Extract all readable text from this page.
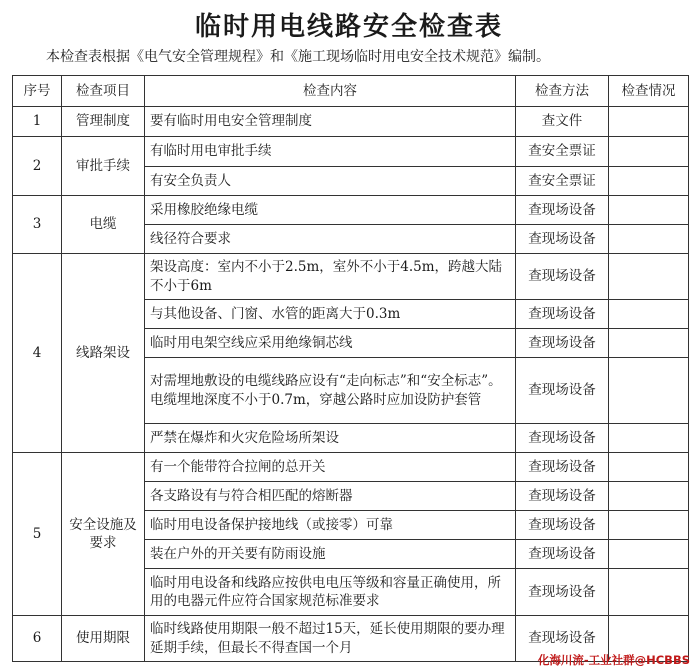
临时用电线路安全检查表
本检查表根据《电气安全管理规程》和《施工现场临时用电安全技术规范》编制。
序号	检查项目	检查内容	检查方法	检查情况
1	管理制度	要有临时用电安全管理制度	查文件	
2	审批手续	有临时用电审批手续	查安全票证	
		有安全负责人	查安全票证	
3	电缆	采用橡胶绝缘电缆	查现场设备	
		线径符合要求	查现场设备	
4	线路架设	架设高度：室内不小于2.5m，室外不小于4.5m，跨越大陆不小于6m	查现场设备	
		与其他设备、门窗、水管的距离大于0.3m	查现场设备	
		临时用电架空线应采用绝缘铜芯线	查现场设备	
		对需埋地敷设的电缆线路应设有“走向标志”和“安全标志”。电缆埋地深度不小于0.7m，穿越公路时应加设防护套管	查现场设备	
		严禁在爆炸和火灾危险场所架设	查现场设备	
5	安全设施及要求	有一个能带符合拉闸的总开关	查现场设备	
		各支路设有与符合相匹配的熔断器	查现场设备	
		临时用电设备保护接地线（或接零）可靠	查现场设备	
		装在户外的开关要有防雨设施	查现场设备	
		临时用电设备和线路应按供电电压等级和容量正确使用，所用的电器元件应符合国家规范标准要求	查现场设备	
6	使用期限	临时线路使用期限一般不超过15天，延长使用期限的要办理延期手续，但最长不得查国一个月	查现场设备	
化海川流-工业社群@HCBBS
